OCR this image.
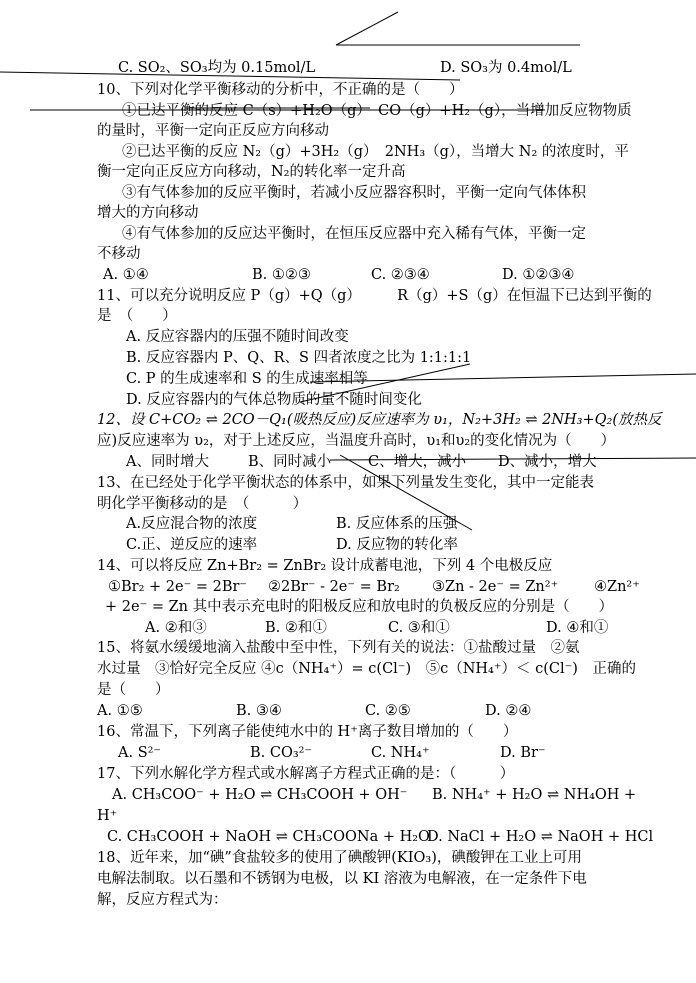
C. SO₂、SO₃均为 0.15mol/L	D. SO₃为 0.4mol/L
10、下列对化学平衡移动的分析中，不正确的是（　　）
①已达平衡的反应 C（s）+H₂O（g）　CO（g）+H₂（g），当增加反应物物质
的量时，平衡一定向正反应方向移动
②已达平衡的反应 N₂（g）+3H₂（g）　2NH₃（g），当增大 N₂ 的浓度时，平
衡一定向正反应方向移动，N₂的转化率一定升高
③有气体参加的反应平衡时，若减小反应器容积时，平衡一定向气体体积
增大的方向移动
④有气体参加的反应达平衡时，在恒压反应器中充入稀有气体，平衡一定
不移动
A. ①④	B. ①②③	C. ②③④	D. ①②③④
11、可以充分说明反应 P（g）+Q（g）　　　R（g）+S（g）在恒温下已达到平衡的
是　（　　）
A. 反应容器内的压强不随时间改变
B. 反应容器内 P、Q、R、S 四者浓度之比为 1:1:1:1
C. P 的生成速率和 S 的生成速率相等
D. 反应容器内的气体总物质的量不随时间变化
12、设 C+CO₂ ⇌ 2CO－Q₁(吸热反应)反应速率为 υ₁，N₂+3H₂ ⇌ 2NH₃+Q₂(放热反
应)反应速率为 υ₂，对于上述反应，当温度升高时，υ₁和υ₂的变化情况为（　　）
A、同时增大	B、同时减小	C、增大，减小 D、减小，增大
13、在已经处于化学平衡状态的体系中，如果下列量发生变化，其中一定能表
明化学平衡移动的是　（　　　）
A.反应混合物的浓度	B. 反应体系的压强
C.正、逆反应的速率	D. 反应物的转化率
14、可以将反应 Zn+Br₂ = ZnBr₂ 设计成蓄电池，下列 4 个电极反应
①Br₂ + 2e⁻ = 2Br⁻ ②2Br⁻ - 2e⁻ = Br₂ ③Zn - 2e⁻ = Zn²⁺ ④Zn²⁺
+ 2e⁻ = Zn 其中表示充电时的阳极反应和放电时的负极反应的分别是（　　）
A. ②和③	B. ②和①	C. ③和①	D. ④和①
15、将氨水缓缓地滴入盐酸中至中性，下列有关的说法：①盐酸过量　②氨
水过量　③恰好完全反应 ④c（NH₄⁺）= c(Cl⁻)　⑤c（NH₄⁺）＜ c(Cl⁻)　正确的
是（　　）
A. ①⑤	B. ③④	C. ②⑤	D. ②④
16、常温下，下列离子能使纯水中的 H⁺离子数目增加的（　　）
A. S²⁻	B. CO₃²⁻	C. NH₄⁺	D. Br⁻
17、下列水解化学方程式或水解离子方程式正确的是：（　　　）
A. CH₃COO⁻ + H₂O ⇌ CH₃COOH + OH⁻ B. NH₄⁺ + H₂O ⇌ NH₄OH +
H⁺
C. CH₃COOH + NaOH ⇌ CH₃COONa + H₂O
D. NaCl + H₂O ⇌ NaOH + HCl
18、近年来，加“碘”食盐较多的使用了碘酸钾(KIO₃)，碘酸钾在工业上可用
电解法制取。以石墨和不锈钢为电极，以 KI 溶液为电解液，在一定条件下电
解，反应方程式为：
